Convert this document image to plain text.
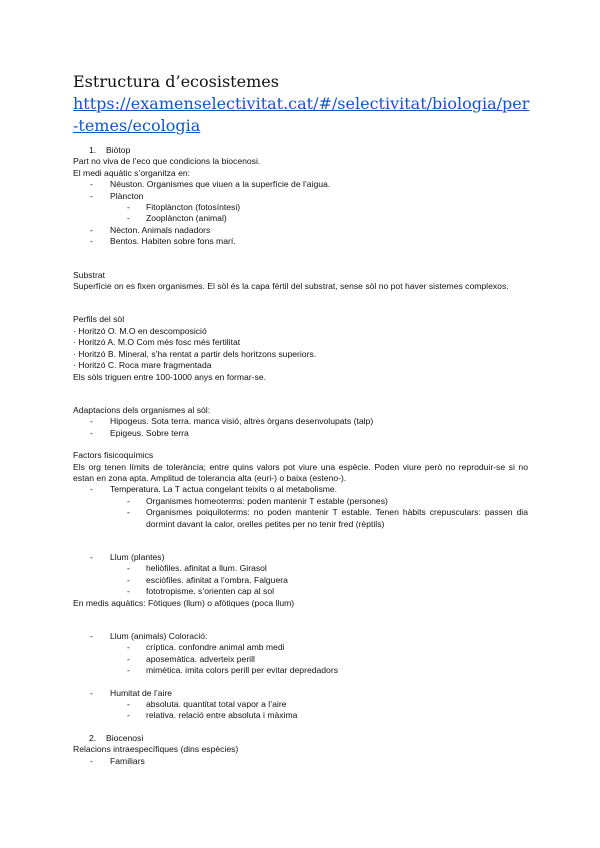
Estructura d’ecosistemes
https://examenselectivitat.cat/#/selectivitat/biologia/per-temes/ecologia

1. Biòtop

Part no viva de l’eco que condicions la biocenosi.

El medi aquàtic s’organitza en:

- Néuston. Organismes que viuen a la superfície de l’aigua.

- Plàncton

- Fitoplàncton (fotosíntesi)

- Zooplàncton (animal)

- Nècton. Animals nadadors

- Bentos. Habiten sobre fons marí.

Substrat

Superfície on es fixen organismes. El sòl és la capa fèrtil del substrat, sense sòl no pot haver sistemes complexos.

Perfils del sòl

· Horitzó O. M.O en descomposició

· Horitzó A. M.O Com més fosc més fertilitat

· Horitzó B. Mineral, s’ha rentat a partir dels horitzons superiors.

· Horitzó C. Roca mare fragmentada

Els sòls triguen entre 100-1000 anys en formar-se.

Adaptacions dels organismes al sòl:

- Hipogeus. Sota terra. manca visió, altres òrgans desenvolupats (talp)

- Epigeus. Sobre terra

Factors fisicoquímics

Els org tenen límits de tolerància; entre quins valors pot viure una espècie. Poden viure però no reproduir-se si no estan en zona apta. Amplitud de tolerancia alta (euri-) o baixa (esteno-).

- Temperatura. La T actua congelant teixits o al metabolisme.

- Organismes homeoterms: poden mantenir T estable (persones)

- Organismes poiquiloterms: no poden mantenir T estable. Tenen hàbits crepusculars: passen dia dormint davant la calor, orelles petites per no tenir fred (rèptils)

- Llum (plantes)

- heliòfiles. afinitat a llum. Girasol

- esciòfiles. afinitat a l’ombra. Falguera

- fototropisme. s’orienten cap al sol

En medis aquàtics: Fòtiques (llum) o afòtiques (poca llum)

- Llum (animals) Coloració:

- críptica. confondre animal amb medi

- aposemàtica. adverteix perill

- mimètica. imita colors perill per evitar depredadors

- Humitat de l’aire

- absoluta. quantitat total vapor a l’aire

- relativa. relació entre absoluta i màxima

2. Biocenosi

Relacions intraespecífiques (dins espècies)

- Familiars
